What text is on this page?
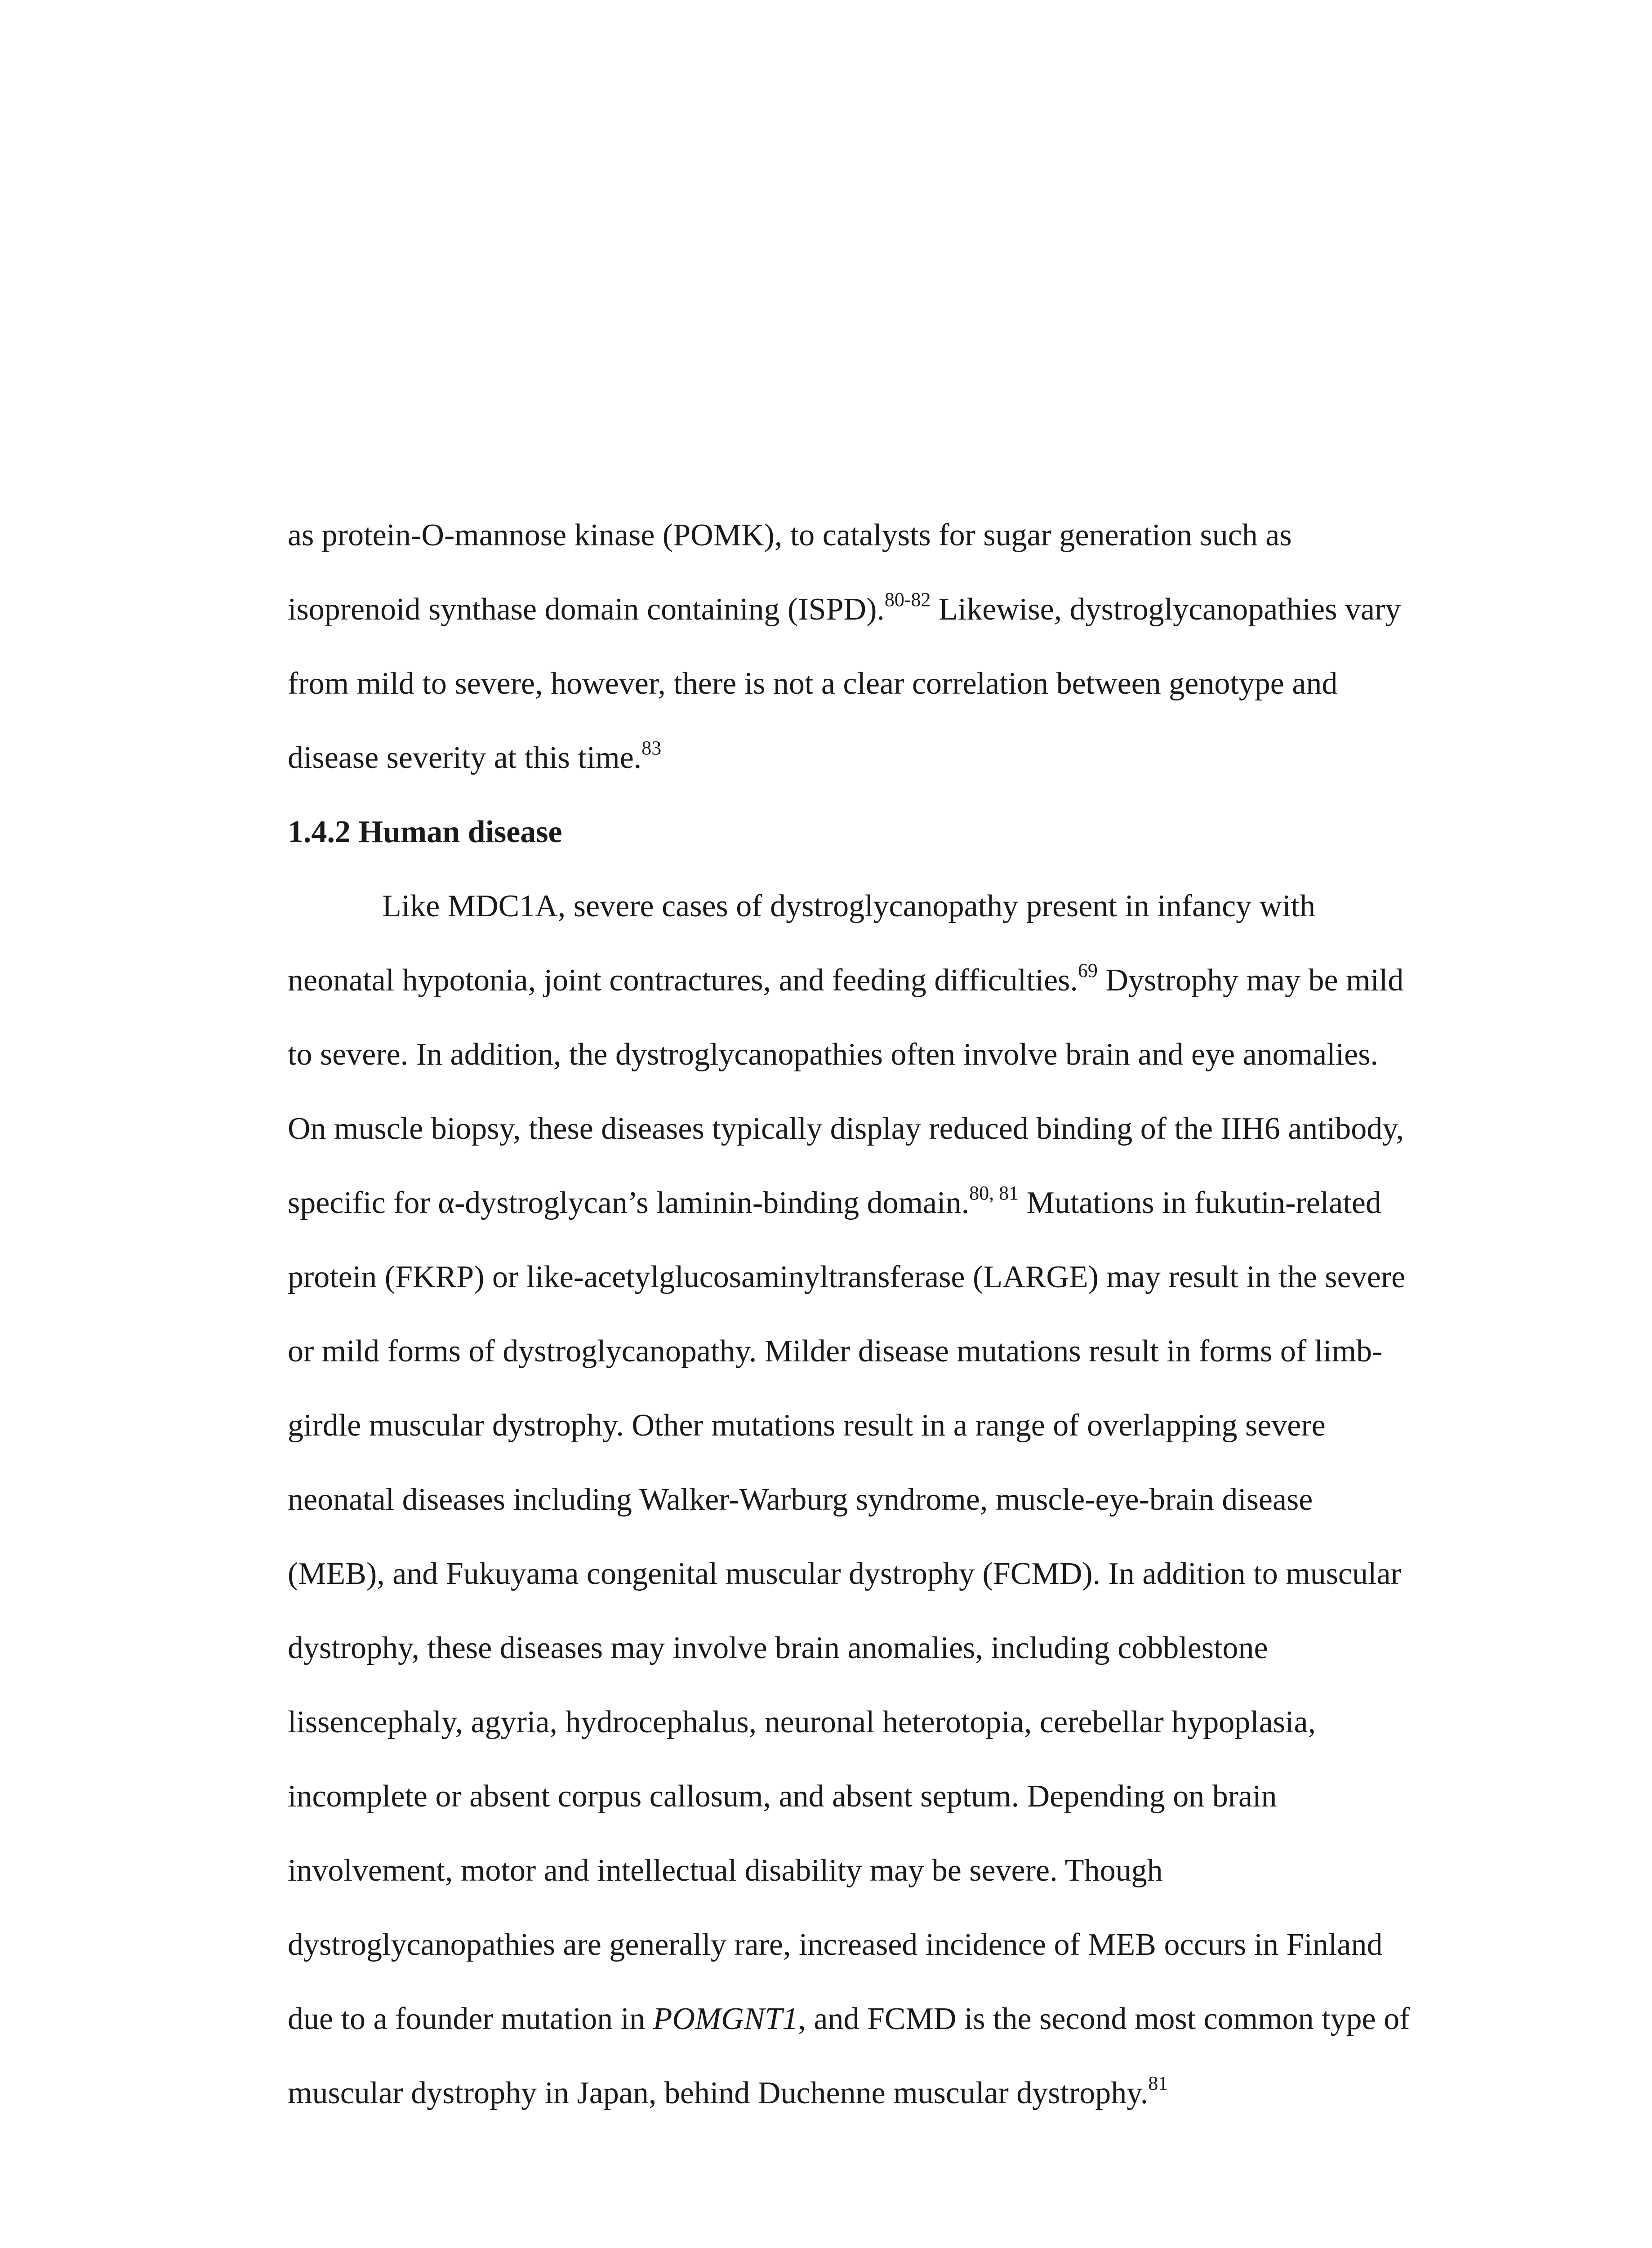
as protein-O-mannose kinase (POMK), to catalysts for sugar generation such as
isoprenoid synthase domain containing (ISPD).$^{80-82}$ Likewise, dystroglycanopathies vary
from mild to severe, however, there is not a clear correlation between genotype and
disease severity at this time.$^{83}$
1.4.2 Human disease
Like MDC1A, severe cases of dystroglycanopathy present in infancy with
neonatal hypotonia, joint contractures, and feeding difficulties.$^{69}$ Dystrophy may be mild
to severe. In addition, the dystroglycanopathies often involve brain and eye anomalies.
On muscle biopsy, these diseases typically display reduced binding of the IIH6 antibody,
specific for α-dystroglycan’s laminin-binding domain.$^{80, 81}$ Mutations in fukutin-related
protein (FKRP) or like-acetylglucosaminyltransferase (LARGE) may result in the severe
or mild forms of dystroglycanopathy. Milder disease mutations result in forms of limb-
girdle muscular dystrophy. Other mutations result in a range of overlapping severe
neonatal diseases including Walker-Warburg syndrome, muscle-eye-brain disease
(MEB), and Fukuyama congenital muscular dystrophy (FCMD). In addition to muscular
dystrophy, these diseases may involve brain anomalies, including cobblestone
lissencephaly, agyria, hydrocephalus, neuronal heterotopia, cerebellar hypoplasia,
incomplete or absent corpus callosum, and absent septum. Depending on brain
involvement, motor and intellectual disability may be severe. Though
dystroglycanopathies are generally rare, increased incidence of MEB occurs in Finland
due to a founder mutation in POMGNT1, and FCMD is the second most common type of
muscular dystrophy in Japan, behind Duchenne muscular dystrophy.$^{81}$
